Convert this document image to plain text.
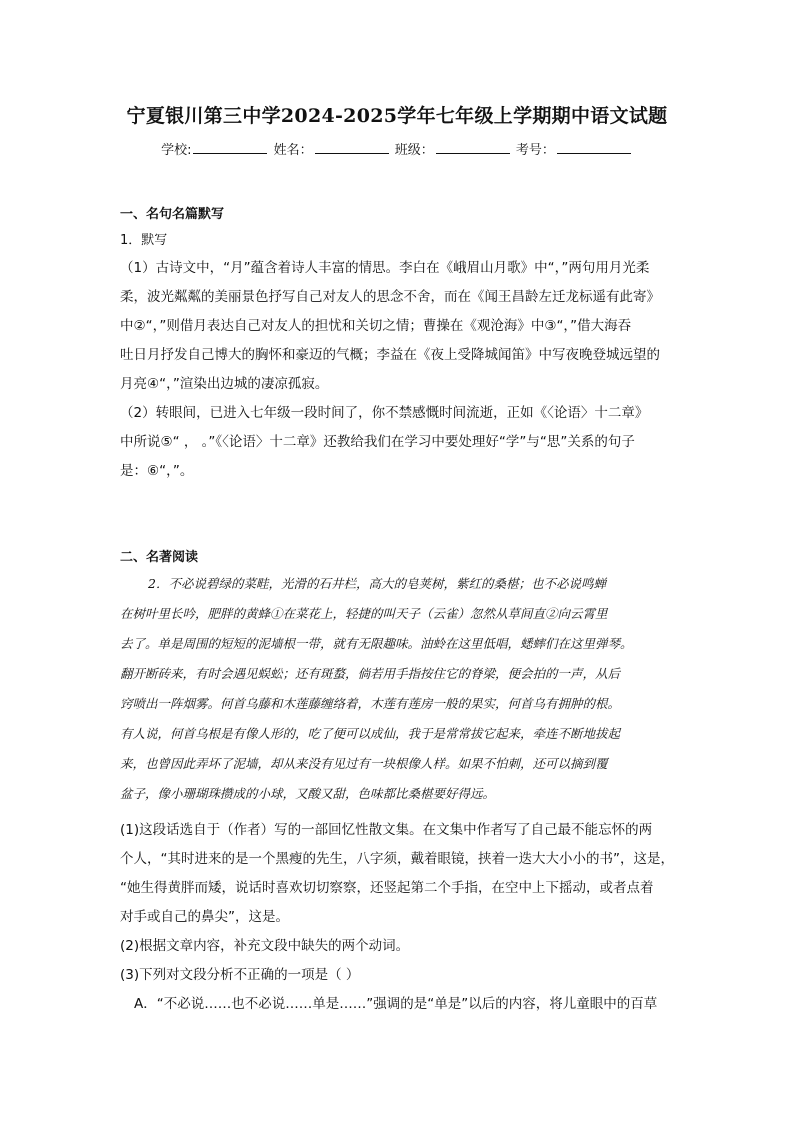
宁夏银川第三中学2024-2025学年七年级上学期期中语文试题
学校:	姓名：	班级：	考号：
一、名句名篇默写
1．默写
（1）古诗文中，“月”蕴含着诗人丰富的情思。李白在《峨眉山月歌》中“，”两句用月光柔
柔，波光粼粼的美丽景色抒写自己对友人的思念不舍，而在《闻王昌龄左迁龙标遥有此寄》
中②“，”则借月表达自己对友人的担忧和关切之情；曹操在《观沧海》中③“，”借大海吞
吐日月抒发自己博大的胸怀和豪迈的气概；李益在《夜上受降城闻笛》中写夜晚登城远望的
月亮④“，”渲染出边城的凄凉孤寂。
（2）转眼间，已进入七年级一段时间了，你不禁感慨时间流逝，正如《〈论语〉十二章》
中所说⑤“ ， 。”《〈论语〉十二章》还教给我们在学习中要处理好“学”与“思”关系的句子
是：⑥“，”。
二、名著阅读
2．不必说碧绿的菜畦，光滑的石井栏，高大的皂荚树，紫红的桑椹；也不必说鸣蝉
在树叶里长吟，肥胖的黄蜂①在菜花上，轻捷的叫天子（云雀）忽然从草间直②向云霄里
去了。单是周围的短短的泥墙根一带，就有无限趣味。油蛉在这里低唱，蟋蟀们在这里弹琴。
翻开断砖来，有时会遇见蜈蚣；还有斑蝥，倘若用手指按住它的脊梁，便会拍的一声，从后
窍喷出一阵烟雾。何首乌藤和木莲藤缠络着，木莲有莲房一般的果实，何首乌有拥肿的根。
有人说，何首乌根是有像人形的，吃了便可以成仙，我于是常常拔它起来，牵连不断地拔起
来，也曾因此弄坏了泥墙，却从来没有见过有一块根像人样。如果不怕刺，还可以摘到覆
盆子，像小珊瑚珠攒成的小球，又酸又甜，色味都比桑椹要好得远。
(1)这段话选自于（作者）写的一部回忆性散文集。在文集中作者写了自己最不能忘怀的两
个人，“其时进来的是一个黑瘦的先生，八字须，戴着眼镜，挟着一迭大大小小的书”，这是，
“她生得黄胖而矮，说话时喜欢切切察察，还竖起第二个手指，在空中上下摇动，或者点着
对手或自己的鼻尖”，这是。
(2)根据文章内容，补充文段中缺失的两个动词。
(3)下列对文段分析不正确的一项是（ ）
A．“不必说……也不必说……单是……”强调的是“单是”以后的内容，将儿童眼中的百草
